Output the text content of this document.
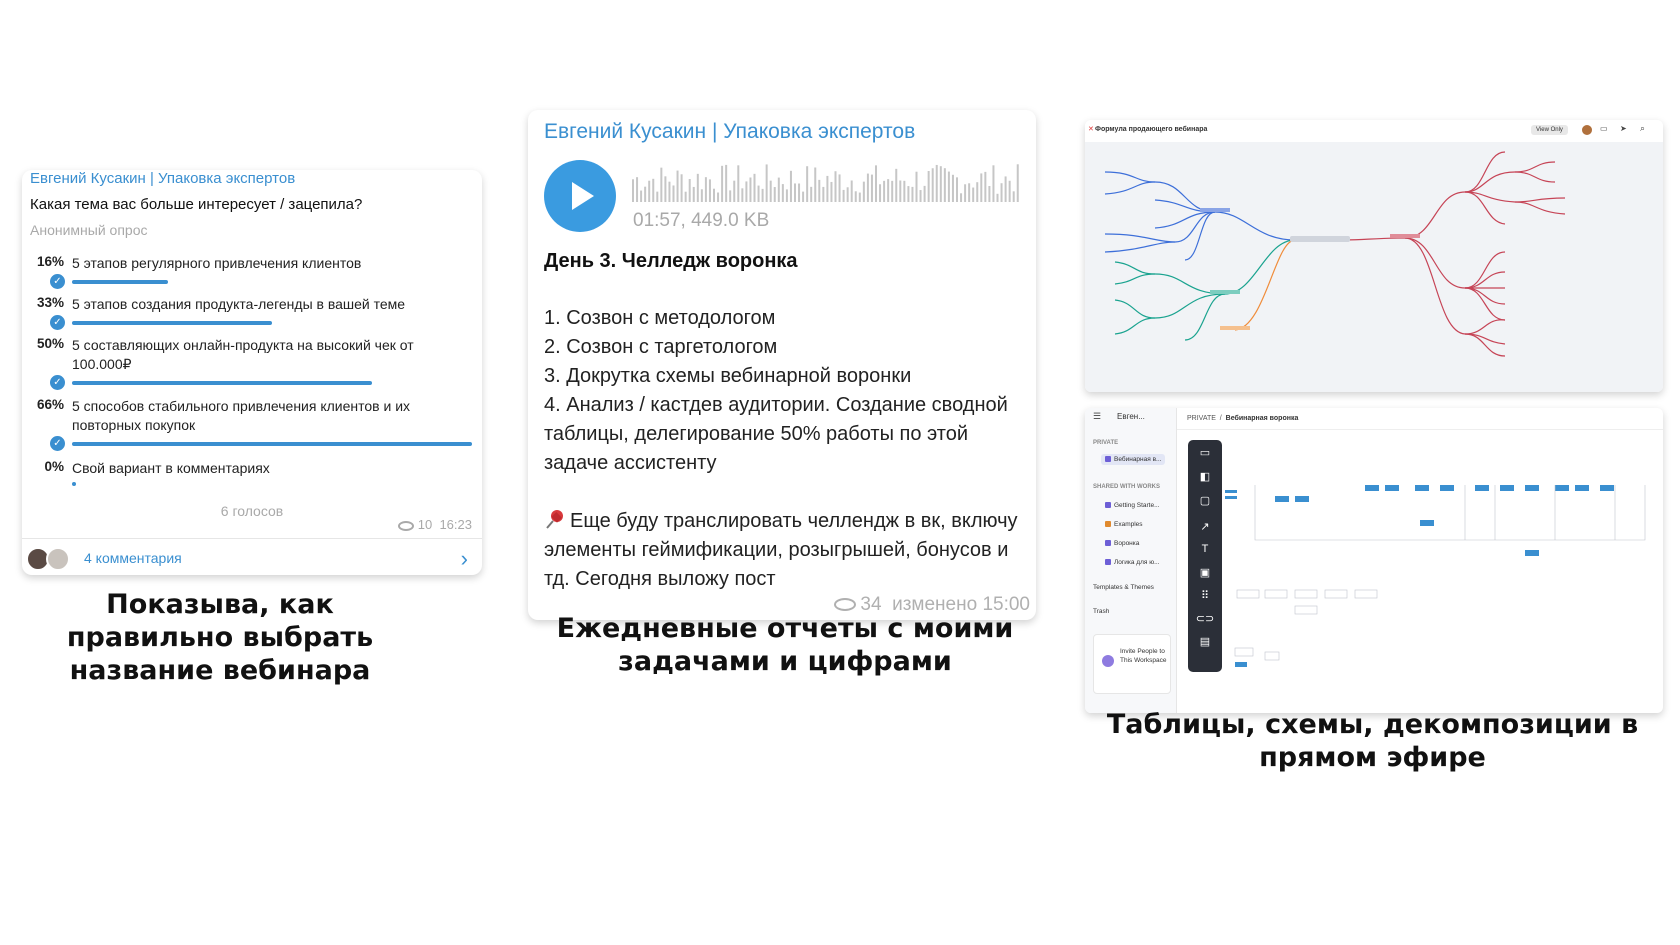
Евгений Кусакин | Упаковка экспертов
Какая тема вас больше интересует / зацепила?
Анонимный опрос
16% 5 этапов регулярного привлечения клиентов
✓
33% 5 этапов создания продукта-легенды в вашей теме
✓
50% 5 составляющих онлайн-продукта на высокий чек от 100.000₽
✓
66% 5 способов стабильного привлечения клиентов и их повторных покупок
✓
0% Свой вариант в комментариях
6 голосов
10 16:23
4 комментария	›
Евгений Кусакин | Упаковка экспертов
01:57, 449.0 KB
День 3. Челледж воронка

1. Созвон с методологом

2. Созвон с таргетологом

3. Докрутка схемы вебинарной воронки

4. Анализ / кастдев аудитории. Создание сводной таблицы, делегирование 50% работы по этой задаче ассистенту

Еще буду транслировать челлендж в вк, включу элементы геймификации, розыгрышей, бонусов и тд. Сегодня выложу пост

34 изменено 15:00
✕ Формула продающего вебинара	View Only	▭ ➤ ⌕
☰ Евген...
PRIVATE
Вебинарная в...
SHARED WITH WORKS
Getting Starte...
Examples
Воронка
Логика для ю...
Templates & Themes
Trash
Invite People to This Workspace
PRIVATE  /  Вебинарная воронка
▭
◧
▢
↗
T
▣
⠿
⊂⊃
▤
Показыва, как правильно выбрать название вебинара
Ежедневные отчеты с моими задачами и цифрами
Таблицы, схемы, декомпозиции в прямом эфире
